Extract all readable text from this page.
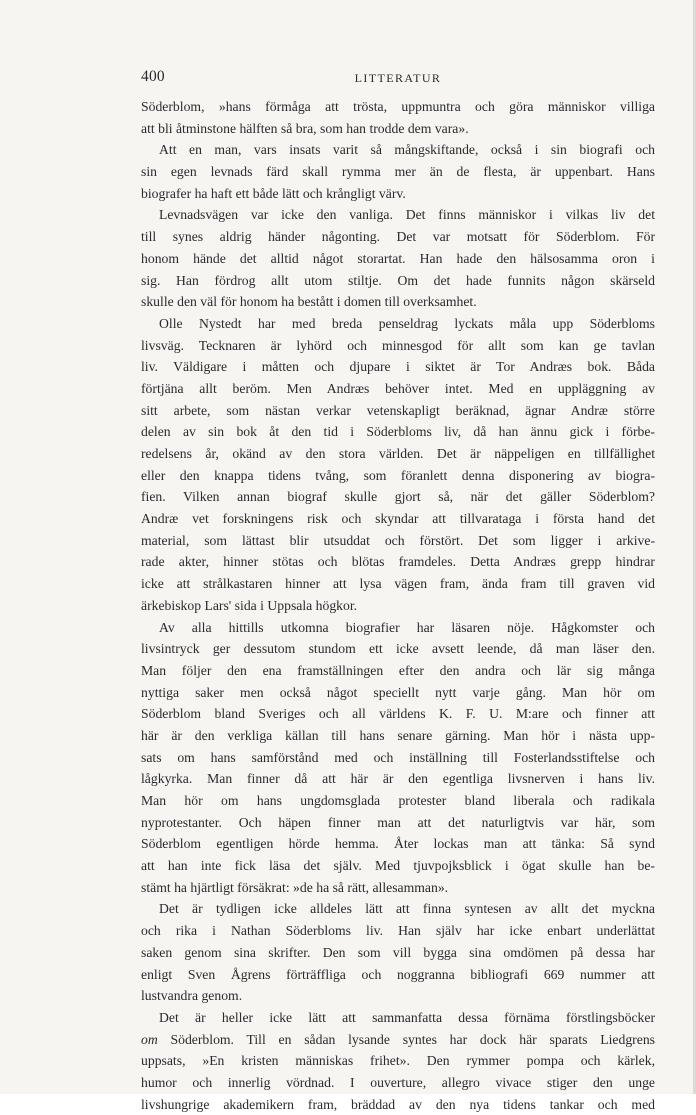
400	LITTERATUR
Söderblom, »hans förmåga att trösta, uppmuntra och göra människor villiga
att bli åtminstone hälften så bra, som han trodde dem vara».
Att en man, vars insats varit så mångskiftande, också i sin biografi och
sin egen levnads färd skall rymma mer än de flesta, är uppenbart. Hans
biografer ha haft ett både lätt och krångligt värv.
Levnadsvägen var icke den vanliga. Det finns människor i vilkas liv det
till synes aldrig händer någonting. Det var motsatt för Söderblom. För
honom hände det alltid något storartat. Han hade den hälsosamma oron i
sig. Han fördrog allt utom stiltje. Om det hade funnits någon skärseld
skulle den väl för honom ha bestått i domen till overksamhet.
Olle Nystedt har med breda penseldrag lyckats måla upp Söderbloms
livsväg. Tecknaren är lyhörd och minnesgod för allt som kan ge tavlan
liv. Väldigare i måtten och djupare i siktet är Tor Andræs bok. Båda
förtjäna allt beröm. Men Andræs behöver intet. Med en uppläggning av
sitt arbete, som nästan verkar vetenskapligt beräknad, ägnar Andræ större
delen av sin bok åt den tid i Söderbloms liv, då han ännu gick i förbe-
redelsens år, okänd av den stora världen. Det är näppeligen en tillfällighet
eller den knappa tidens tvång, som föranlett denna disponering av biogra-
fien. Vilken annan biograf skulle gjort så, när det gäller Söderblom?
Andræ vet forskningens risk och skyndar att tillvarataga i första hand det
material, som lättast blir utsuddat och förstört. Det som ligger i arkive-
rade akter, hinner stötas och blötas framdeles. Detta Andræs grepp hindrar
icke att strålkastaren hinner att lysa vägen fram, ända fram till graven vid
ärkebiskop Lars' sida i Uppsala högkor.
Av alla hittills utkomna biografier har läsaren nöje. Hågkomster och
livsintryck ger dessutom stundom ett icke avsett leende, då man läser den.
Man följer den ena framställningen efter den andra och lär sig många
nyttiga saker men också något speciellt nytt varje gång. Man hör om
Söderblom bland Sveriges och all världens K. F. U. M:are och finner att
här är den verkliga källan till hans senare gärning. Man hör i nästa upp-
sats om hans samförstånd med och inställning till Fosterlandsstiftelse och
lågkyrka. Man finner då att här är den egentliga livsnerven i hans liv.
Man hör om hans ungdomsglada protester bland liberala och radikala
nyprotestanter. Och häpen finner man att det naturligtvis var här, som
Söderblom egentligen hörde hemma. Åter lockas man att tänka: Så synd
att han inte fick läsa det själv. Med tjuvpojksblick i ögat skulle han be-
stämt ha hjärtligt försäkrat: »de ha så rätt, allesamman».
Det är tydligen icke alldeles lätt att finna syntesen av allt det myckna
och rika i Nathan Söderbloms liv. Han själv har icke enbart underlättat
saken genom sina skrifter. Den som vill bygga sina omdömen på dessa har
enligt Sven Ågrens förträffliga och noggranna bibliografi 669 nummer att
lustvandra genom.
Det är heller icke lätt att sammanfatta dessa förnäma förstlingsböcker
om Söderblom. Till en sådan lysande syntes har dock här sparats Liedgrens
uppsats, »En kristen människas frihet». Den rymmer pompa och kärlek,
humor och innerlig vördnad. I ouverture, allegro vivace stiger den unge
livshungrige akademikern fram, bräddad av den nya tidens tankar och med
